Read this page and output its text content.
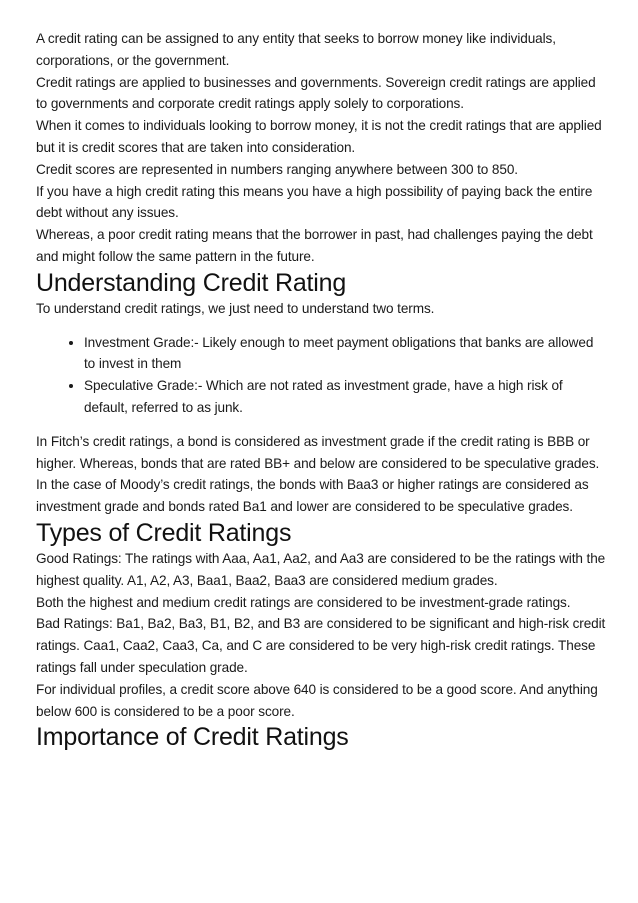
A credit rating can be assigned to any entity that seeks to borrow money like individuals, corporations, or the government.

Credit ratings are applied to businesses and governments. Sovereign credit ratings are applied to governments and corporate credit ratings apply solely to corporations.

When it comes to individuals looking to borrow money, it is not the credit ratings that are applied but it is credit scores that are taken into consideration.

Credit scores are represented in numbers ranging anywhere between 300 to 850.

If you have a high credit rating this means you have a high possibility of paying back the entire debt without any issues.

Whereas, a poor credit rating means that the borrower in past, had challenges paying the debt and might follow the same pattern in the future.

Understanding Credit Rating

To understand credit ratings, we just need to understand two terms.

• Investment Grade:- Likely enough to meet payment obligations that banks are allowed to invest in them
• Speculative Grade:- Which are not rated as investment grade, have a high risk of default, referred to as junk.

In Fitch’s credit ratings, a bond is considered as investment grade if the credit rating is BBB or higher. Whereas, bonds that are rated BB+ and below are considered to be speculative grades.

In the case of Moody’s credit ratings, the bonds with Baa3 or higher ratings are considered as investment grade and bonds rated Ba1 and lower are considered to be speculative grades.

Types of Credit Ratings

Good Ratings: The ratings with Aaa, Aa1, Aa2, and Aa3 are considered to be the ratings with the highest quality. A1, A2, A3, Baa1, Baa2, Baa3 are considered medium grades.

Both the highest and medium credit ratings are considered to be investment-grade ratings.

Bad Ratings: Ba1, Ba2, Ba3, B1, B2, and B3 are considered to be significant and high-risk credit ratings. Caa1, Caa2, Caa3, Ca, and C are considered to be very high-risk credit ratings. These ratings fall under speculation grade.

For individual profiles, a credit score above 640 is considered to be a good score. And anything below 600 is considered to be a poor score.

Importance of Credit Ratings
